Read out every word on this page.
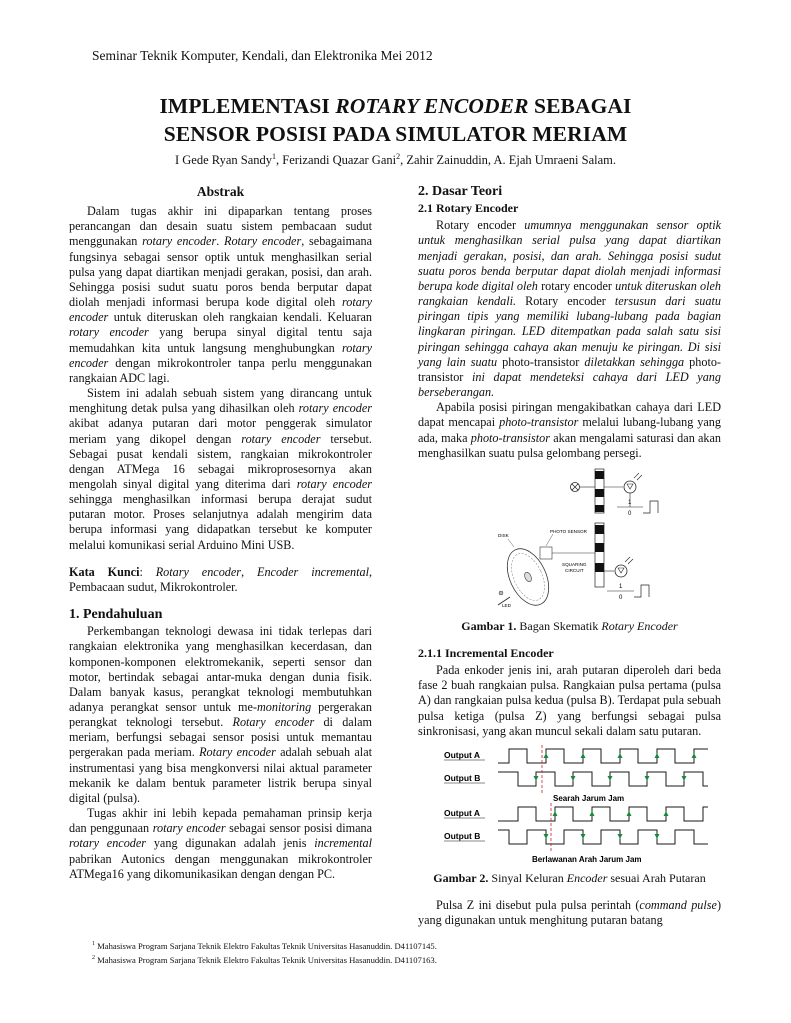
Seminar Teknik Komputer, Kendali, dan Elektronika Mei 2012
IMPLEMENTASI ROTARY ENCODER SEBAGAI
SENSOR POSISI PADA SIMULATOR MERIAM
I Gede Ryan Sandy$^1$, Ferizandi Quazar Gani$^2$, Zahir Zainuddin, A. Ejah Umraeni Salam.
Abstrak

Dalam tugas akhir ini dipaparkan tentang proses perancangan dan desain suatu sistem pembacaan sudut menggunakan rotary encoder. Rotary encoder, sebagaimana fungsinya sebagai sensor optik untuk menghasilkan serial pulsa yang dapat diartikan menjadi gerakan, posisi, dan arah. Sehingga posisi sudut suatu poros benda berputar dapat diolah menjadi informasi berupa kode digital oleh rotary encoder untuk diteruskan oleh rangkaian kendali. Keluaran rotary encoder yang berupa sinyal digital tentu saja memudahkan kita untuk langsung menghubungkan rotary encoder dengan mikrokontroler tanpa perlu menggunakan rangkaian ADC lagi.

Sistem ini adalah sebuah sistem yang dirancang untuk menghitung detak pulsa yang dihasilkan oleh rotary encoder akibat adanya putaran dari motor penggerak simulator meriam yang dikopel dengan rotary encoder tersebut. Sebagai pusat kendali sistem, rangkaian mikrokontroler dengan ATMega 16 sebagai mikroprosesornya akan mengolah sinyal digital yang diterima dari rotary encoder sehingga menghasilkan informasi berupa derajat sudut putaran motor. Proses selanjutnya adalah mengirim data berupa informasi yang didapatkan tersebut ke komputer melalui komunikasi serial Arduino Mini USB.

Kata Kunci: Rotary encoder, Encoder incremental, Pembacaan sudut, Mikrokontroler.

1. Pendahuluan

Perkembangan teknologi dewasa ini tidak terlepas dari rangkaian elektronika yang menghasilkan kecerdasan, dan komponen-komponen elektromekanik, seperti sensor dan motor, bertindak sebagai antar-muka dengan dunia fisik. Dalam banyak kasus, perangkat teknologi membutuhkan adanya perangkat sensor untuk me-monitoring pergerakan perangkat teknologi tersebut. Rotary encoder di dalam meriam, berfungsi sebagai sensor posisi untuk memantau pergerakan pada meriam. Rotary encoder adalah sebuah alat instrumentasi yang bisa mengkonversi nilai aktual parameter mekanik ke dalam bentuk parameter listrik berupa sinyal digital (pulsa).

Tugas akhir ini lebih kepada pemahaman prinsip kerja dan penggunaan rotary encoder sebagai sensor posisi dimana rotary encoder yang digunakan adalah jenis incremental pabrikan Autonics dengan menggunakan mikrokontroler ATMega16 yang dikomunikasikan dengan dengan PC.

2. Dasar Teori
2.1 Rotary Encoder

Rotary encoder umumnya menggunakan sensor optik untuk menghasilkan serial pulsa yang dapat diartikan menjadi gerakan, posisi, dan arah. Sehingga posisi sudut suatu poros benda berputar dapat diolah menjadi informasi berupa kode digital oleh rotary encoder untuk diteruskan oleh rangkaian kendali. Rotary encoder tersusun dari suatu piringan tipis yang memiliki lubang-lubang pada bagian lingkaran piringan. LED ditempatkan pada salah satu sisi piringan sehingga cahaya akan menuju ke piringan. Di sisi yang lain suatu photo-transistor diletakkan sehingga photo-transistor ini dapat mendeteksi cahaya dari LED yang berseberangan.

Apabila posisi piringan mengakibatkan cahaya dari LED dapat mencapai photo-transistor melalui lubang-lubang yang ada, maka photo-transistor akan mengalami saturasi dan akan menghasilkan suatu pulsa gelombang persegi.

1
0
PHOTO SENSOR
DISK
SQUARING
CIRCUIT
LED
1
0

Gambar 1. Bagan Skematik Rotary Encoder

2.1.1 Incremental Encoder

Pada enkoder jenis ini, arah putaran diperoleh dari beda fase 2 buah rangkaian pulsa. Rangkaian pulsa pertama (pulsa A) dan rangkaian pulsa kedua (pulsa B). Terdapat pula sebuah pulsa ketiga (pulsa Z) yang berfungsi sebagai pulsa sinkronisasi, yang akan muncul sekali dalam satu putaran.

Output A
Output B
Output A
Output B
Searah Jarum Jam
Berlawanan Arah Jarum Jam

Gambar 2. Sinyal Keluran Encoder sesuai Arah Putaran

Pulsa Z ini disebut pula pulsa perintah (command pulse) yang digunakan untuk menghitung putaran batang

$^1$ Mahasiswa Program Sarjana Teknik Elektro Fakultas Teknik Universitas Hasanuddin. D41107145.
$^2$ Mahasiswa Program Sarjana Teknik Elektro Fakultas Teknik Universitas Hasanuddin. D41107163.
